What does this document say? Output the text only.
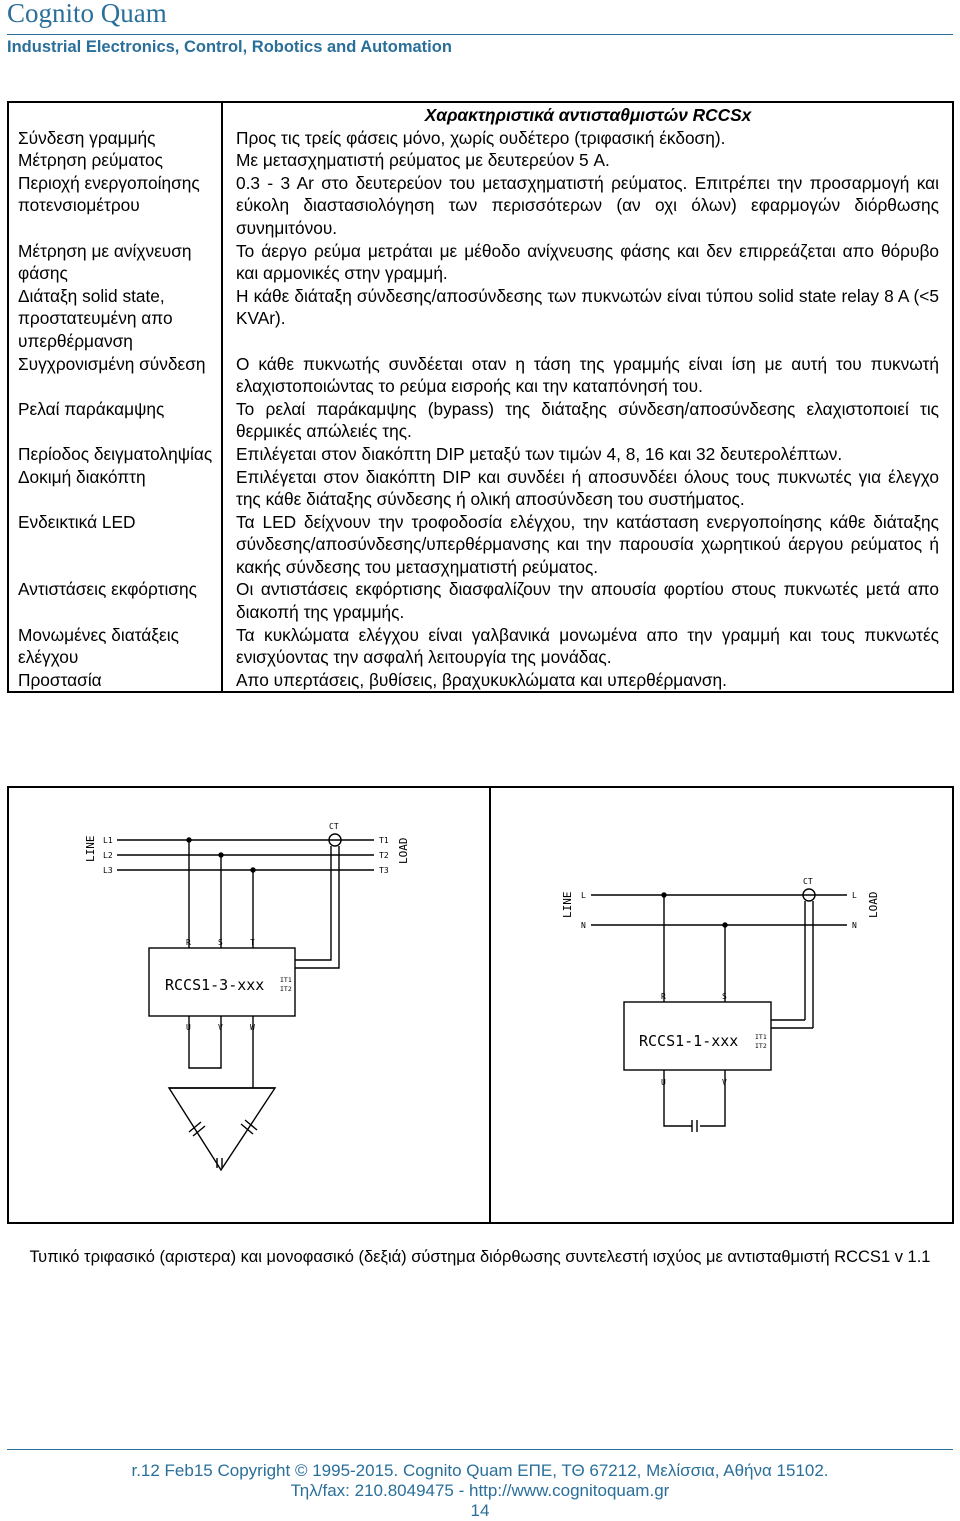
Cognito Quam
Industrial Electronics, Control, Robotics and Automation
	Χαρακτηριστικά αντισταθμιστών RCCSx
Σύνδεση γραμμής	Προς τις τρείς φάσεις μόνο, χωρίς ουδέτερο (τριφασική έκδοση).
Μέτρηση ρεύματος	Με μετασχηματιστή ρεύματος με δευτερεύον 5 A.
Περιοχή ενεργοποίησης ποτενσιομέτρου	0.3 - 3 Ar στο δευτερεύον του μετασχηματιστή ρεύματος. Επιτρέπει την προσαρμογή και εύκολη διαστασιολόγηση των περισσότερων (αν οχι όλων) εφαρμογών διόρθωσης συνημιτόνου.
Μέτρηση με ανίχνευση φάσης	Το άεργο ρεύμα μετράται με μέθοδο ανίχνευσης φάσης και δεν επιρρεάζεται απο θόρυβο και αρμονικές στην γραμμή.
Διάταξη solid state, προστατευμένη απο υπερθέρμανση	Η κάθε διάταξη σύνδεσης/αποσύνδεσης των πυκνωτών είναι τύπου solid state relay 8 A (<5 KVAr).
Συγχρονισμένη σύνδεση	Ο κάθε πυκνωτής συνδέεται οταν η τάση της γραμμής είναι ίση με αυτή του πυκνωτή ελαχιστοποιώντας το ρεύμα εισροής και την καταπόνησή του.
Ρελαί παράκαμψης	Το ρελαί παράκαμψης (bypass) της διάταξης σύνδεση/αποσύνδεσης ελαχιστοποιεί τις θερμικές απώλειές της.
Περίοδος δειγματοληψίας	Επιλέγεται στον διακόπτη DIP μεταξύ των τιμών 4, 8, 16 και 32 δευτερολέπτων.
Δοκιμή διακόπτη	Επιλέγεται στον διακόπτη DIP και συνδέει ή αποσυνδέει όλους τους πυκνωτές για έλεγχο της κάθε διάταξης σύνδεσης ή ολική αποσύνδεση του συστήματος.
Ενδεικτικά LED	Τα LED δείχνουν την τροφοδοσία ελέγχου, την κατάσταση ενεργοποίησης κάθε διάταξης σύνδεσης/αποσύνδεσης/υπερθέρμανσης και την παρουσία χωρητικού άεργου ρεύματος ή κακής σύνδεσης του μετασχηματιστή ρεύματος.
Αντιστάσεις εκφόρτισης	Οι αντιστάσεις εκφόρτισης διασφαλίζουν την απουσία φορτίου στους πυκνωτές μετά απο διακοπή της γραμμής.
Μονωμένες διατάξεις ελέγχου	Τα κυκλώματα ελέγχου είναι γαλβανικά μονωμένα απο την γραμμή και τους πυκνωτές ενισχύοντας την ασφαλή λειτουργία της μονάδας.
Προστασία	Απο υπερτάσεις, βυθίσεις, βραχυκυκλώματα και υπερθέρμανση.
LINE	LOAD
L1
L2
L3
T1
T2
T3
CT
R	S	T
RCCS1-3-xxx IT1
IT2
U	V	W
LINE	LOAD
L
N
L
N
CT
R	S
RCCS1-1-xxx	IT1
IT2
U	V
Τυπικό τριφασικό (αριστερα) και μονοφασικό (δεξιά) σύστημα διόρθωσης συντελεστή ισχύος με αντισταθμιστή RCCS1 v 1.1
r.12 Feb15 Copyright © 1995-2015. Cognito Quam ΕΠΕ, ΤΘ 67212, Μελίσσια, Αθήνα 15102.
Τηλ/fax: 210.8049475 - http://www.cognitoquam.gr
14
